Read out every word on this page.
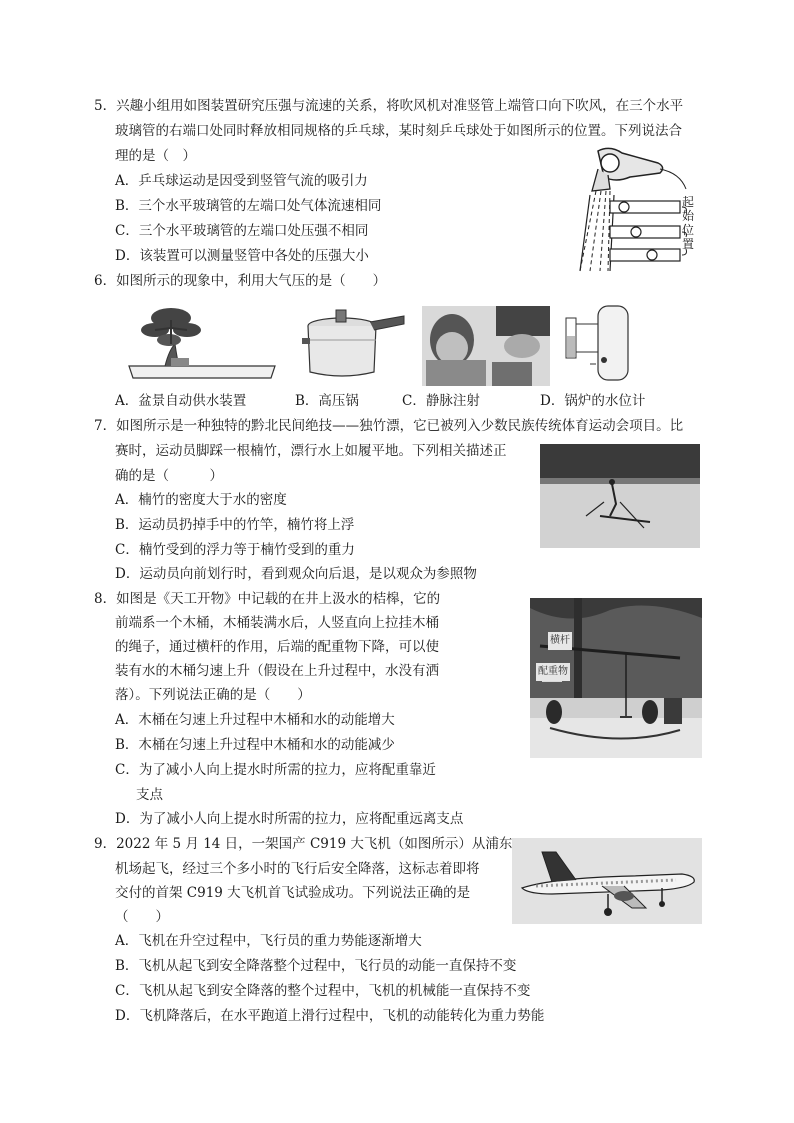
5．兴趣小组用如图装置研究压强与流速的关系，将吹风机对准竖管上端管口向下吹风，在三个水平
玻璃管的右端口处同时释放相同规格的乒乓球，某时刻乒乓球处于如图所示的位置。下列说法合
理的是（　）
A．乒乓球运动是因受到竖管气流的吸引力
B．三个水平玻璃管的左端口处气体流速相同
C．三个水平玻璃管的左端口处压强不相同
D．该装置可以测量竖管中各处的压强大小
起
始
位
置
6．如图所示的现象中，利用大气压的是（　　）
A．盆景自动供水装置	B．高压锅	C．静脉注射	D．锅炉的水位计
7．如图所示是一种独特的黔北民间绝技——独竹漂，它已被列入少数民族传统体育运动会项目。比
赛时，运动员脚踩一根楠竹，漂行水上如履平地。下列相关描述正
确的是（　　　）
A．楠竹的密度大于水的密度
B．运动员扔掉手中的竹竿，楠竹将上浮
C．楠竹受到的浮力等于楠竹受到的重力
D．运动员向前划行时，看到观众向后退，是以观众为参照物
8．如图是《天工开物》中记载的在井上汲水的桔槔，它的
前端系一个木桶，木桶装满水后，人竖直向上拉挂木桶
的绳子，通过横杆的作用，后端的配重物下降，可以使
装有水的木桶匀速上升（假设在上升过程中，水没有洒
落）。下列说法正确的是（　　）
A．木桶在匀速上升过程中木桶和水的动能增大
B．木桶在匀速上升过程中木桶和水的动能减少
C．为了减小人向上提水时所需的拉力，应将配重靠近
支点
D．为了减小人向上提水时所需的拉力，应将配重远离支点
横杆
配重物
9．2022 年 5 月 14 日，一架国产 C919 大飞机（如图所示）从浦东
机场起飞，经过三个多小时的飞行后安全降落，这标志着即将
交付的首架 C919 大飞机首飞试验成功。下列说法正确的是
（　　）
A．飞机在升空过程中，飞行员的重力势能逐渐增大
B．飞机从起飞到安全降落整个过程中，飞行员的动能一直保持不变
C．飞机从起飞到安全降落的整个过程中，飞机的机械能一直保持不变
D．飞机降落后，在水平跑道上滑行过程中，飞机的动能转化为重力势能
